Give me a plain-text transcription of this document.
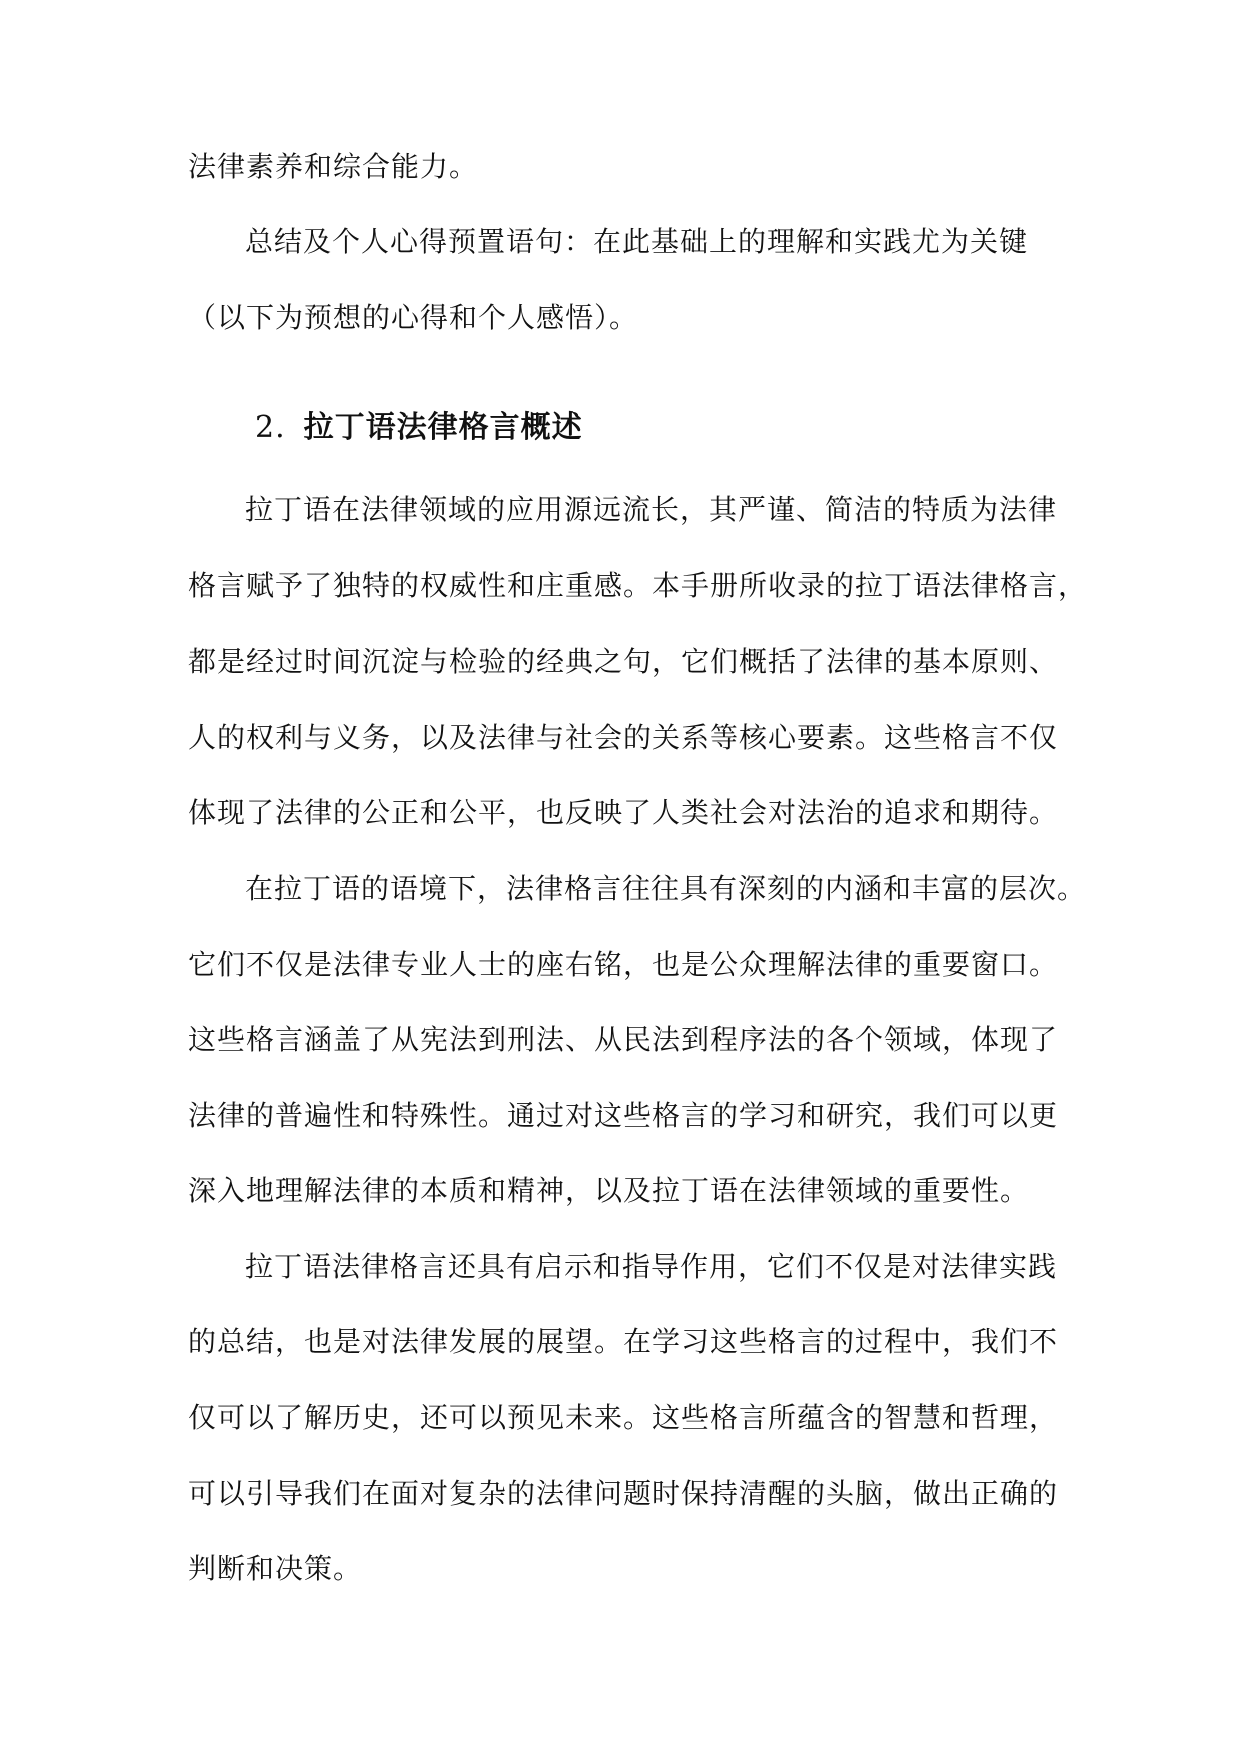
法律素养和综合能力。
总结及个人心得预置语句：在此基础上的理解和实践尤为关键
（以下为预想的心得和个人感悟）。
2. 拉丁语法律格言概述
拉丁语在法律领域的应用源远流长，其严谨、简洁的特质为法律
格言赋予了独特的权威性和庄重感。本手册所收录的拉丁语法律格言，
都是经过时间沉淀与检验的经典之句，它们概括了法律的基本原则、
人的权利与义务，以及法律与社会的关系等核心要素。这些格言不仅
体现了法律的公正和公平，也反映了人类社会对法治的追求和期待。
在拉丁语的语境下，法律格言往往具有深刻的内涵和丰富的层次。
它们不仅是法律专业人士的座右铭，也是公众理解法律的重要窗口。
这些格言涵盖了从宪法到刑法、从民法到程序法的各个领域，体现了
法律的普遍性和特殊性。通过对这些格言的学习和研究，我们可以更
深入地理解法律的本质和精神，以及拉丁语在法律领域的重要性。
拉丁语法律格言还具有启示和指导作用，它们不仅是对法律实践
的总结，也是对法律发展的展望。在学习这些格言的过程中，我们不
仅可以了解历史，还可以预见未来。这些格言所蕴含的智慧和哲理，
可以引导我们在面对复杂的法律问题时保持清醒的头脑，做出正确的
判断和决策。
